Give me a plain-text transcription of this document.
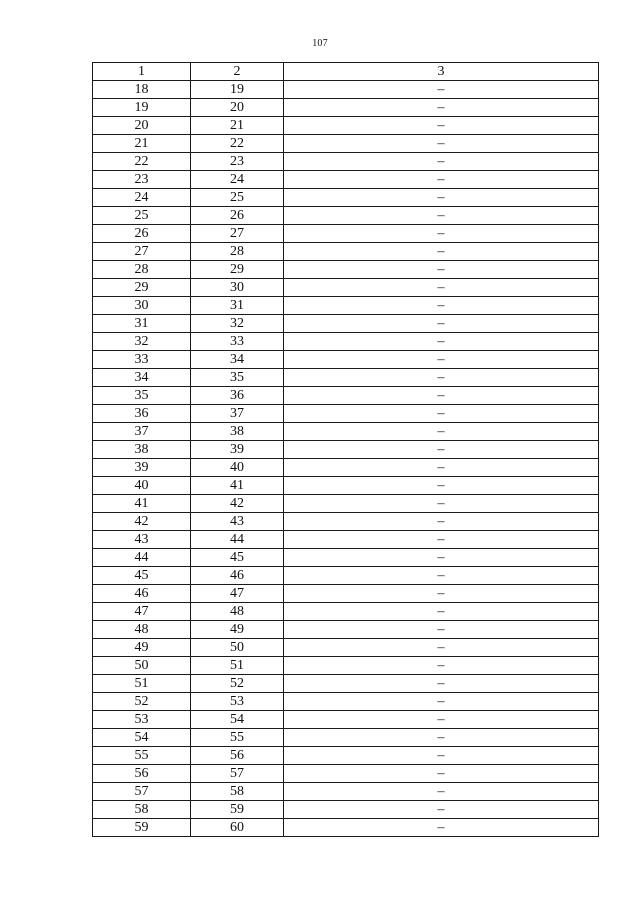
107
1	2	3
18	19	–
19	20	–
20	21	–
21	22	–
22	23	–
23	24	–
24	25	–
25	26	–
26	27	–
27	28	–
28	29	–
29	30	–
30	31	–
31	32	–
32	33	–
33	34	–
34	35	–
35	36	–
36	37	–
37	38	–
38	39	–
39	40	–
40	41	–
41	42	–
42	43	–
43	44	–
44	45	–
45	46	–
46	47	–
47	48	–
48	49	–
49	50	–
50	51	–
51	52	–
52	53	–
53	54	–
54	55	–
55	56	–
56	57	–
57	58	–
58	59	–
59	60	–
